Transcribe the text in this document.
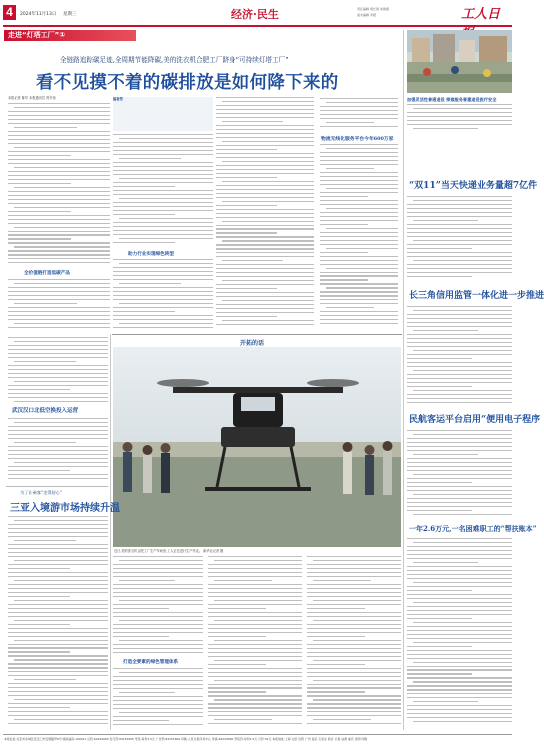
4	2024年11月13日 星期三	经济·民生	责任编辑 胡长春 刘建康
美术编辑 李娅	工人日
走进“灯塔工厂”①
全链路追踪碳足迹,全周期节能降碳,美的洗衣机合肥工厂跻身“可持续灯塔工厂”
看不见摸不着的碳排放是如何降下来的
本报记者 陈华 本报通讯员 郭书伟
全价值链打造低碳产品
编者按
助力行业实现绿色转型
物流无线化服务平台今年600万家
加强灵活性普通退役 探索服务普惠退役医疗安全
“双11”当天快递业务量超7亿件
长三角信用监管一体化进一步推进
民航客运平台启用“便用电子程序
一年2.6万元,一名困难职工的“帮扶账本”
开拓的话
近日,美的洗衣机合肥工厂生产车间里,工人正在进行生产作业。 新华社记者 摄
打造全要素的绿色管理体系
武汉汉口北低空换投入运营
为了让乘客“坐得舒心”
三亚入境游市场持续升温
本报社址:北京市东城区安定门外安德路甲6号 邮政编码:100011 总机:64229090 发行部:84151605 零售:每份1.5元 广告部:84151606 印刷:人民日报印务中心 传真:64229090 零售价:每份1.5元 月价:32元 本报地址:上海 太原 沈阳 广州 南京 石家庄 新乡 长春 成都 重庆 昆明 印刷
